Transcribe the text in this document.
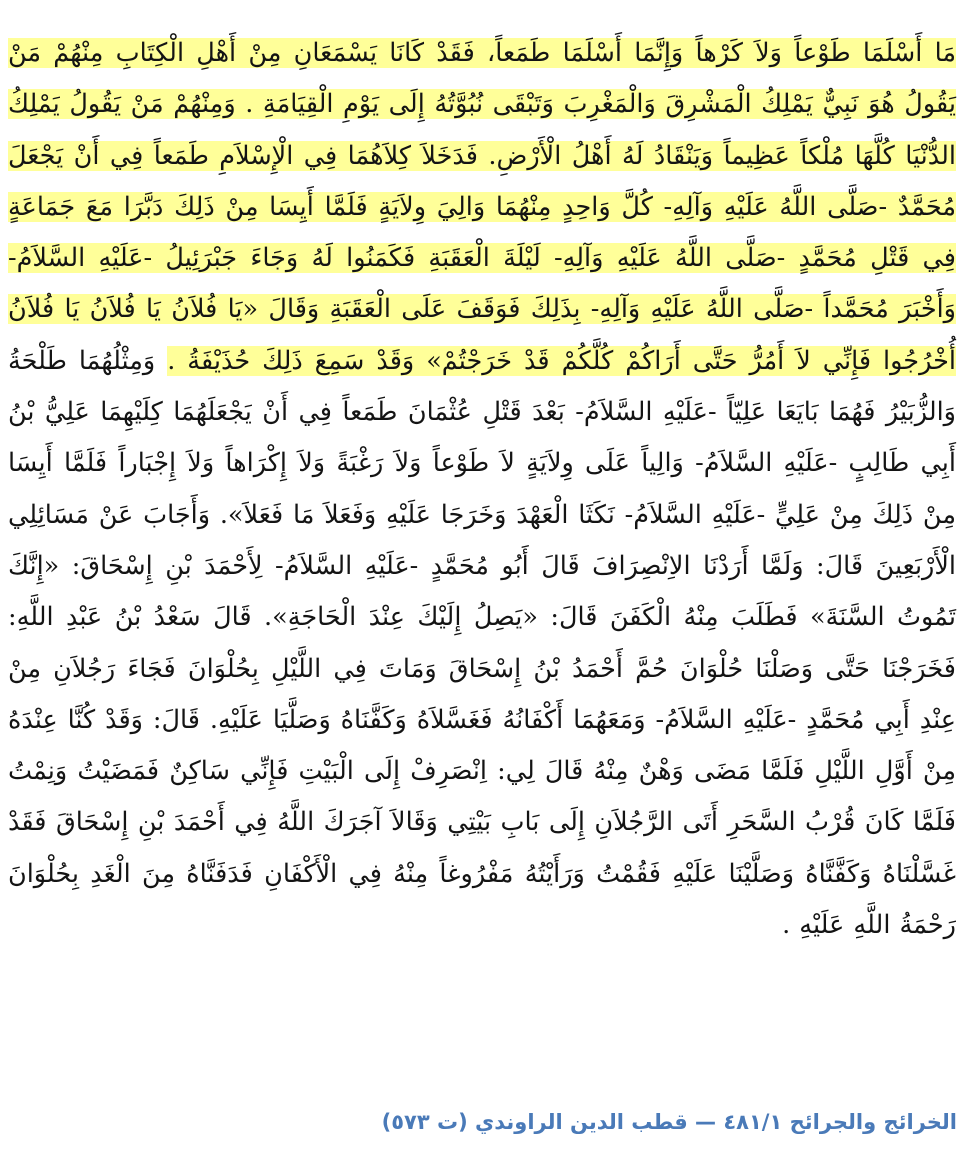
مَا أَسْلَمَا طَوْعاً وَلاَ كَرْهاً وَإِنَّمَا أَسْلَمَا طَمَعاً، فَقَدْ كَانَا يَسْمَعَانِ مِنْ أَهْلِ الْكِتَابِ مِنْهُمْ مَنْ يَقُولُ هُوَ نَبِيٌّ يَمْلِكُ الْمَشْرِقَ وَالْمَغْرِبَ وَتَبْقَى نُبُوَّتُهُ إِلَى يَوْمِ الْقِيَامَةِ . وَمِنْهُمْ مَنْ يَقُولُ يَمْلِكُ الدُّنْيَا كُلَّهَا مُلْكاً عَظِيماً وَيَنْقَادُ لَهُ أَهْلُ الْأَرْضِ. فَدَخَلاَ كِلاَهُمَا فِي الْإِسْلاَمِ طَمَعاً فِي أَنْ يَجْعَلَ مُحَمَّدٌ -صَلَّى اللَّهُ عَلَيْهِ وَآلِهِ- كُلَّ وَاحِدٍ مِنْهُمَا وَالِيَ وِلاَيَةٍ فَلَمَّا أَيِسَا مِنْ ذَلِكَ دَبَّرَا مَعَ جَمَاعَةٍ فِي قَتْلِ مُحَمَّدٍ -صَلَّى اللَّهُ عَلَيْهِ وَآلِهِ- لَيْلَةَ الْعَقَبَةِ فَكَمَنُوا لَهُ وَجَاءَ جَبْرَئِيلُ -عَلَيْهِ السَّلاَمُ- وَأَخْبَرَ مُحَمَّداً -صَلَّى اللَّهُ عَلَيْهِ وَآلِهِ- بِذَلِكَ فَوَقَفَ عَلَى الْعَقَبَةِ وَقَالَ «يَا فُلاَنُ يَا فُلاَنُ يَا فُلاَنُ أُخْرُجُوا فَإِنِّي لاَ أَمُرُّ حَتَّى أَرَاكُمْ كُلَّكُمْ قَدْ خَرَجْتُمْ» وَقَدْ سَمِعَ ذَلِكَ حُذَيْفَةُ . وَمِثْلُهُمَا طَلْحَةُ وَالزُّبَيْرُ فَهُمَا بَايَعَا عَلِيّاً -عَلَيْهِ السَّلاَمُ- بَعْدَ قَتْلِ عُثْمَانَ طَمَعاً فِي أَنْ يَجْعَلَهُمَا كِلَيْهِمَا عَلِيُّ بْنُ أَبِي طَالِبٍ -عَلَيْهِ السَّلاَمُ- وَالِياً عَلَى وِلاَيَةٍ لاَ طَوْعاً وَلاَ رَغْبَةً وَلاَ إِكْرَاهاً وَلاَ إِجْبَاراً فَلَمَّا أَيِسَا مِنْ ذَلِكَ مِنْ عَلِيٍّ -عَلَيْهِ السَّلاَمُ- نَكَثَا الْعَهْدَ وَخَرَجَا عَلَيْهِ وَفَعَلاَ مَا فَعَلاَ». وَأَجَابَ عَنْ مَسَائِلِي الْأَرْبَعِينَ قَالَ: وَلَمَّا أَرَدْنَا الاِنْصِرَافَ قَالَ أَبُو مُحَمَّدٍ -عَلَيْهِ السَّلاَمُ- لِأَحْمَدَ بْنِ إِسْحَاقَ: «إِنَّكَ تَمُوتُ السَّنَةَ» فَطَلَبَ مِنْهُ الْكَفَنَ قَالَ: «يَصِلُ إِلَيْكَ عِنْدَ الْحَاجَةِ». قَالَ سَعْدُ بْنُ عَبْدِ اللَّهِ: فَخَرَجْنَا حَتَّى وَصَلْنَا حُلْوَانَ حُمَّ أَحْمَدُ بْنُ إِسْحَاقَ وَمَاتَ فِي اللَّيْلِ بِحُلْوَانَ فَجَاءَ رَجُلاَنِ مِنْ عِنْدِ أَبِي مُحَمَّدٍ -عَلَيْهِ السَّلاَمُ- وَمَعَهُمَا أَكْفَانُهُ فَغَسَّلاَهُ وَكَفَّنَاهُ وَصَلَّيَا عَلَيْهِ. قَالَ: وَقَدْ كُنَّا عِنْدَهُ مِنْ أَوَّلِ اللَّيْلِ فَلَمَّا مَضَى وَهْنٌ مِنْهُ قَالَ لِي: اِنْصَرِفْ إِلَى الْبَيْتِ فَإِنِّي سَاكِنٌ فَمَضَيْتُ وَنِمْتُ فَلَمَّا كَانَ قُرْبُ السَّحَرِ أَتَى الرَّجُلاَنِ إِلَى بَابِ بَيْتِي وَقَالاَ آجَرَكَ اللَّهُ فِي أَحْمَدَ بْنِ إِسْحَاقَ فَقَدْ غَسَّلْنَاهُ وَكَفَّنَّاهُ وَصَلَّيْنَا عَلَيْهِ فَقُمْتُ وَرَأَيْتُهُ مَفْرُوغاً مِنْهُ فِي الْأَكْفَانِ فَدَفَنَّاهُ مِنَ الْغَدِ بِحُلْوَانَ رَحْمَةُ اللَّهِ عَلَيْهِ .

الخرائج والجرائح ٤٨١/١ — قطب الدين الراوندي (ت ٥٧٣)
